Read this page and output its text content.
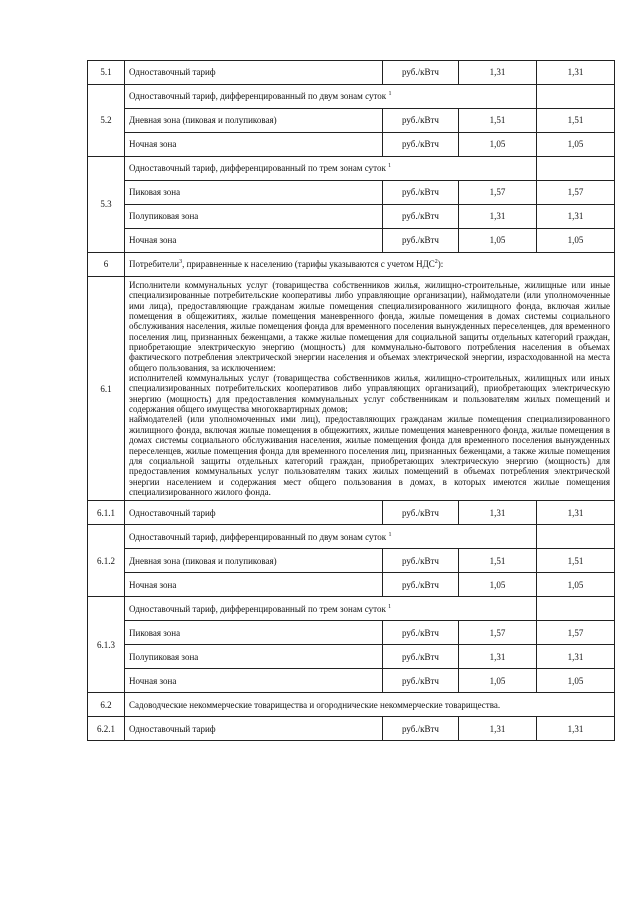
5.1	Одноставочный тариф	руб./кВтч	1,31	1,31
5.2	Одноставочный тариф, дифференцированный по двум зонам суток $^1$	
	Дневная зона (пиковая и полупиковая)	руб./кВтч	1,51	1,51
	Ночная зона	руб./кВтч	1,05	1,05
5.3	Одноставочный тариф, дифференцированный по трем зонам суток $^1$	
	Пиковая зона	руб./кВтч	1,57	1,57
	Полупиковая зона	руб./кВтч	1,31	1,31
	Ночная зона	руб./кВтч	1,05	1,05
6	Потребители$^3$, приравненные к населению (тарифы указываются с учетом НДС$^2$):			
6.1	Исполнители коммунальных услуг (товарищества собственников жилья, жилищно-строительные, жилищные или иные специализированные потребительские кооперативы либо управляющие организации), наймодатели (или уполномоченные ими лица), предоставляющие гражданам жилые помещения специализированного жилищного фонда, включая жилые помещения в общежитиях, жилые помещения маневренного фонда, жилые помещения в домах системы социального обслуживания населения, жилые помещения фонда для временного поселения вынужденных переселенцев, для временного поселения лиц, признанных беженцами, а также жилые помещения для социальной защиты отдельных категорий граждан, приобретающие электрическую энергию (мощность) для коммунально-бытового потребления населения в объемах фактического потребления электрической энергии населения и объемах электрической энергии, израсходованной на места общего пользования, за исключением:
исполнителей коммунальных услуг (товарищества собственников жилья, жилищно-строительных, жилищных или иных специализированных потребительских кооперативов либо управляющих организаций), приобретающих электрическую энергию (мощность) для предоставления коммунальных услуг собственникам и пользователям жилых помещений и содержания общего имущества многоквартирных домов;
наймодателей (или уполномоченных ими лиц), предоставляющих гражданам жилые помещения специализированного жилищного фонда, включая жилые помещения в общежитиях, жилые помещения маневренного фонда, жилые помещения в домах системы социального обслуживания населения, жилые помещения фонда для временного поселения вынужденных переселенцев, жилые помещения фонда для временного поселения лиц, признанных беженцами, а также жилые помещения для социальной защиты отдельных категорий граждан, приобретающих электрическую энергию (мощность) для предоставления коммунальных услуг пользователям таких жилых помещений в объемах потребления электрической энергии населением и содержания мест общего пользования в домах, в которых имеются жилые помещения специализированного жилого фонда.			

6.1.1	Одноставочный тариф	руб./кВтч	1,31	1,31
6.1.2	Одноставочный тариф, дифференцированный по двум зонам суток $^1$	
	Дневная зона (пиковая и полупиковая)	руб./кВтч	1,51	1,51
	Ночная зона	руб./кВтч	1,05	1,05
6.1.3	Одноставочный тариф, дифференцированный по трем зонам суток $^1$	
	Пиковая зона	руб./кВтч	1,57	1,57
	Полупиковая зона	руб./кВтч	1,31	1,31
	Ночная зона	руб./кВтч	1,05	1,05
6.2	Садоводческие некоммерческие товарищества и огороднические некоммерческие товарищества.			
6.2.1	Одноставочный тариф	руб./кВтч	1,31	1,31
